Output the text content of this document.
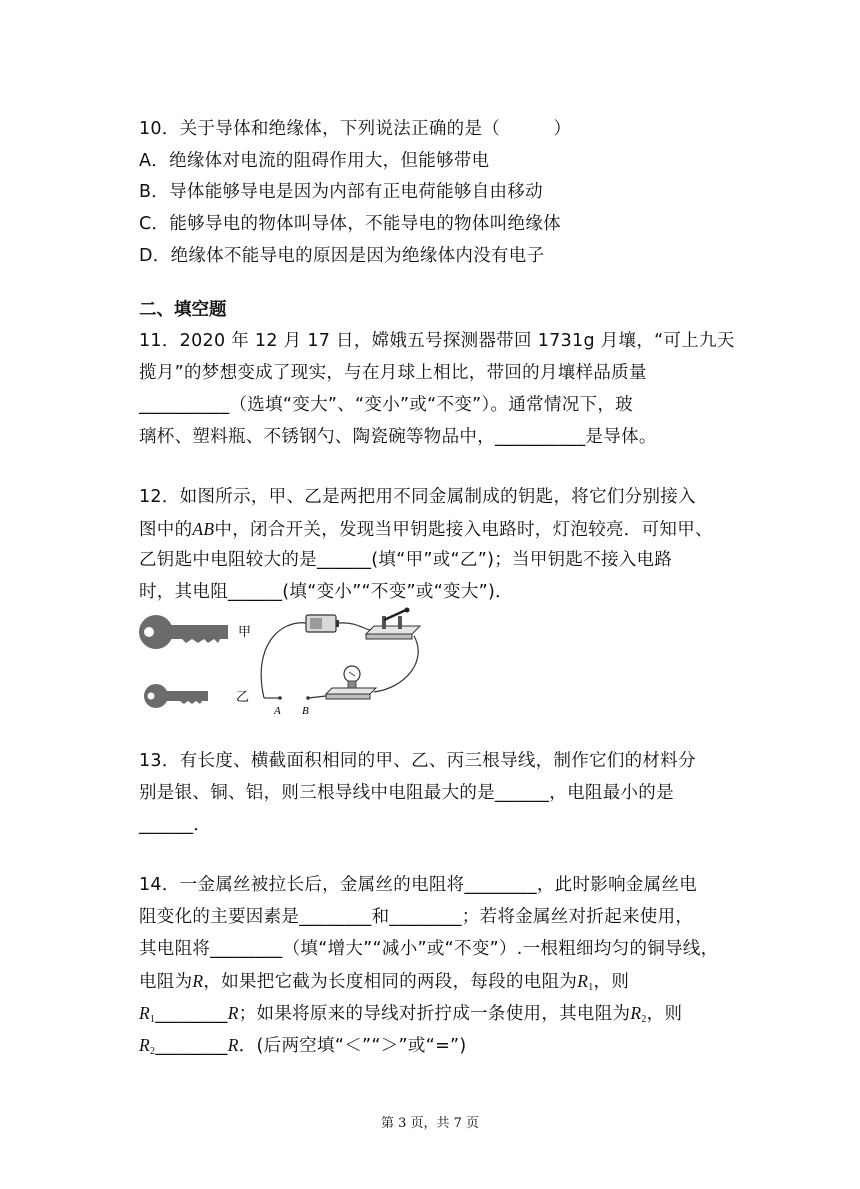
10．关于导体和绝缘体，下列说法正确的是（　　　）
A．绝缘体对电流的阻碍作用大，但能够带电
B．导体能够导电是因为内部有正电荷能够自由移动
C．能够导电的物体叫导体，不能导电的物体叫绝缘体
D．绝缘体不能导电的原因是因为绝缘体内没有电子
二、填空题
11．2020 年 12 月 17 日，嫦娥五号探测器带回 1731g 月壤，“可上九天
揽月”的梦想变成了现实，与在月球上相比，带回的月壤样品质量
__________（选填“变大”、“变小”或“不变”）。通常情况下，玻
璃杯、塑料瓶、不锈钢勺、陶瓷碗等物品中，__________是导体。
12．如图所示，甲、乙是两把用不同金属制成的钥匙，将它们分别接入
图中的AB中，闭合开关，发现当甲钥匙接入电路时，灯泡较亮．可知甲、
乙钥匙中电阻较大的是______(填“甲”或“乙”)；当甲钥匙不接入电路
时，其电阻______(填“变小”“不变”或“变大”)．
甲
乙
A B
13．有长度、横截面积相同的甲、乙、丙三根导线，制作它们的材料分
别是银、铜、铝，则三根导线中电阻最大的是______，电阻最小的是
______．
14．一金属丝被拉长后，金属丝的电阻将________，此时影响金属丝电
阻变化的主要因素是________和________；若将金属丝对折起来使用，
其电阻将________（填“增大”“减小”或“不变”）.一根粗细均匀的铜导线，
电阻为R，如果把它截为长度相同的两段，每段的电阻为$R_1$，则
$R_1\_\_\_\_\_\_\_\_R$；如果将原来的导线对折拧成一条使用，其电阻为$R_2$，则
$R_2\_\_\_\_\_\_\_\_R$．(后两空填“＜”“＞”或“=”)
第 3 页，共 7 页
